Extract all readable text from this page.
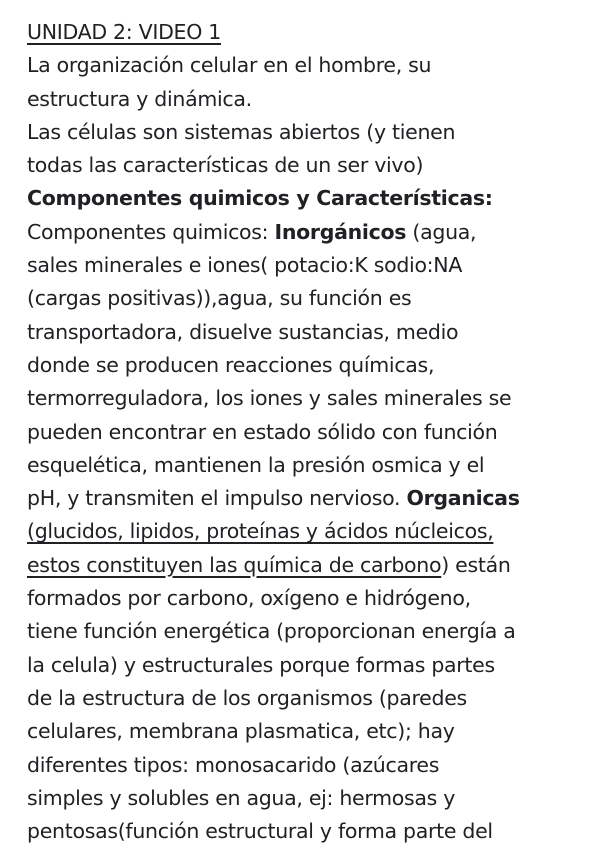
UNIDAD 2: VIDEO 1
La organización celular en el hombre, su
estructura y dinámica.
Las células son sistemas abiertos (y tienen
todas las características de un ser vivo)
Componentes quimicos y Características:
Componentes quimicos: Inorgánicos (agua,
sales minerales e iones( potacio:K sodio:NA
(cargas positivas)),agua, su función es
transportadora, disuelve sustancias, medio
donde se producen reacciones químicas,
termorreguladora, los iones y sales minerales se
pueden encontrar en estado sólido con función
esquelética, mantienen la presión osmica y el
pH, y transmiten el impulso nervioso. Organicas
(glucidos, lipidos, proteínas y ácidos núcleicos,
estos constituyen las química de carbono) están
formados por carbono, oxígeno e hidrógeno,
tiene función energética (proporcionan energía a
la celula) y estructurales porque formas partes
de la estructura de los organismos (paredes
celulares, membrana plasmatica, etc); hay
diferentes tipos: monosacarido (azúcares
simples y solubles en agua, ej: hermosas y
pentosas(función estructural y forma parte del
